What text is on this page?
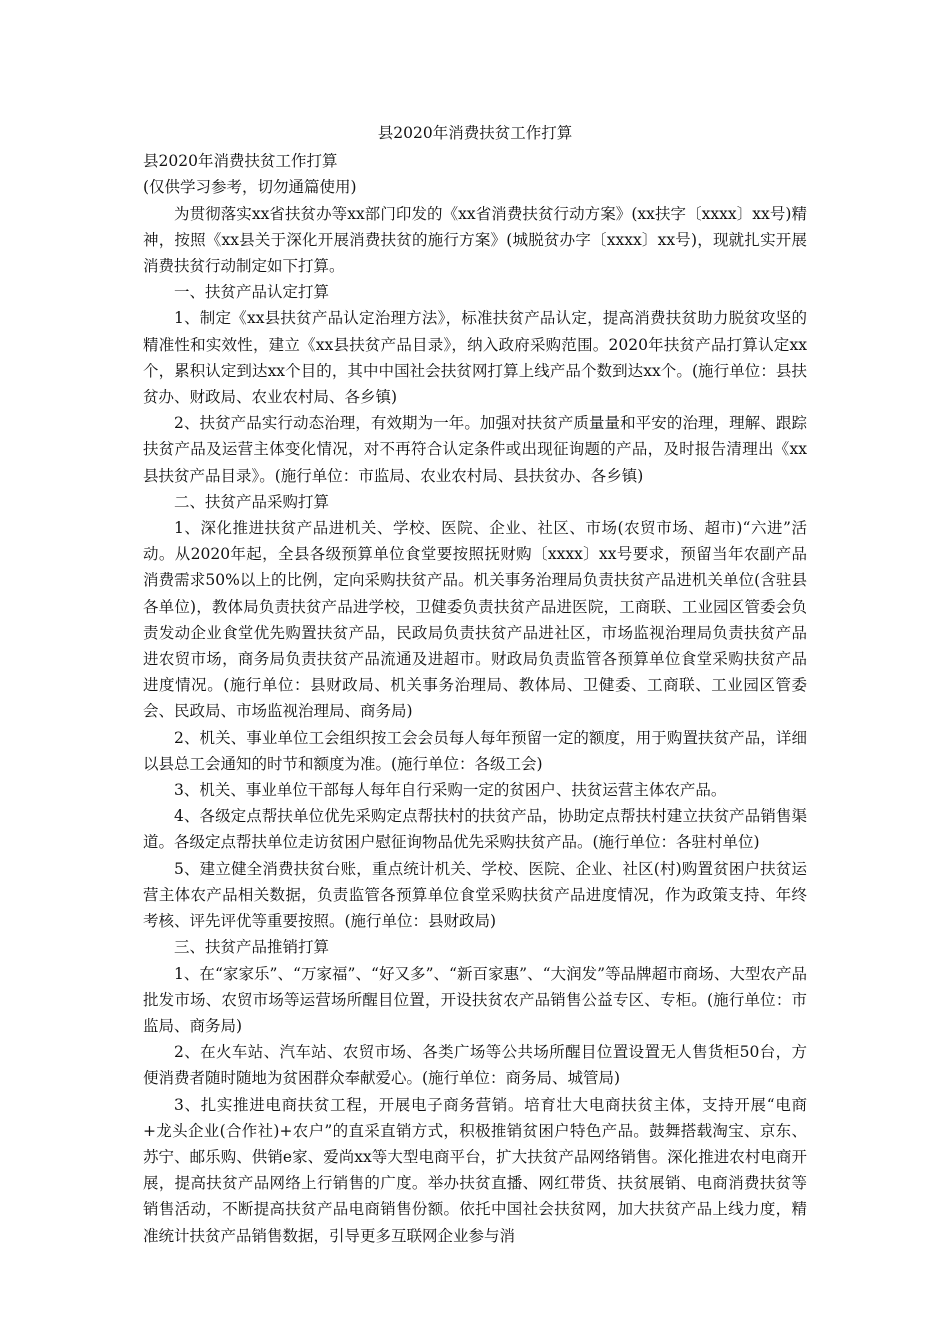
县2020年消费扶贫工作打算
县2020年消费扶贫工作打算
(仅供学习参考，切勿通篇使用)

为贯彻落实xx省扶贫办等xx部门印发的《xx省消费扶贫行动方案》(xx扶字〔xxxx〕xx号)精神，按照《xx县关于深化开展消费扶贫的施行方案》(城脱贫办字〔xxxx〕xx号)，现就扎实开展消费扶贫行动制定如下打算。

一、扶贫产品认定打算

1、制定《xx县扶贫产品认定治理方法》，标准扶贫产品认定，提高消费扶贫助力脱贫攻坚的精准性和实效性，建立《xx县扶贫产品目录》，纳入政府采购范围。2020年扶贫产品打算认定xx个，累积认定到达xx个目的，其中中国社会扶贫网打算上线产品个数到达xx个。(施行单位：县扶贫办、财政局、农业农村局、各乡镇)

2、扶贫产品实行动态治理，有效期为一年。加强对扶贫产质量量和平安的治理，理解、跟踪扶贫产品及运营主体变化情况，对不再符合认定条件或出现征询题的产品，及时报告清理出《xx县扶贫产品目录》。(施行单位：市监局、农业农村局、县扶贫办、各乡镇)

二、扶贫产品采购打算

1、深化推进扶贫产品进机关、学校、医院、企业、社区、市场(农贸市场、超市)“六进”活动。从2020年起，全县各级预算单位食堂要按照抚财购〔xxxx〕xx号要求，预留当年农副产品消费需求50%以上的比例，定向采购扶贫产品。机关事务治理局负责扶贫产品进机关单位(含驻县各单位)，教体局负责扶贫产品进学校，卫健委负责扶贫产品进医院，工商联、工业园区管委会负责发动企业食堂优先购置扶贫产品，民政局负责扶贫产品进社区，市场监视治理局负责扶贫产品进农贸市场，商务局负责扶贫产品流通及进超市。财政局负责监管各预算单位食堂采购扶贫产品进度情况。(施行单位：县财政局、机关事务治理局、教体局、卫健委、工商联、工业园区管委会、民政局、市场监视治理局、商务局)

2、机关、事业单位工会组织按工会会员每人每年预留一定的额度，用于购置扶贫产品，详细以县总工会通知的时节和额度为准。(施行单位：各级工会)

3、机关、事业单位干部每人每年自行采购一定的贫困户、扶贫运营主体农产品。

4、各级定点帮扶单位优先采购定点帮扶村的扶贫产品，协助定点帮扶村建立扶贫产品销售渠道。各级定点帮扶单位走访贫困户慰征询物品优先采购扶贫产品。(施行单位：各驻村单位)

5、建立健全消费扶贫台账，重点统计机关、学校、医院、企业、社区(村)购置贫困户扶贫运营主体农产品相关数据，负责监管各预算单位食堂采购扶贫产品进度情况，作为政策支持、年终考核、评先评优等重要按照。(施行单位：县财政局)

三、扶贫产品推销打算

1、在“家家乐”、“万家福”、“好又多”、“新百家惠”、“大润发”等品牌超市商场、大型农产品批发市场、农贸市场等运营场所醒目位置，开设扶贫农产品销售公益专区、专柜。(施行单位：市监局、商务局)

2、在火车站、汽车站、农贸市场、各类广场等公共场所醒目位置设置无人售货柜50台，方便消费者随时随地为贫困群众奉献爱心。(施行单位：商务局、城管局)

3、扎实推进电商扶贫工程，开展电子商务营销。培育壮大电商扶贫主体，支持开展“电商+龙头企业(合作社)+农户”的直采直销方式，积极推销贫困户特色产品。鼓舞搭载淘宝、京东、苏宁、邮乐购、供销e家、爱尚xx等大型电商平台，扩大扶贫产品网络销售。深化推进农村电商开展，提高扶贫产品网络上行销售的广度。举办扶贫直播、网红带货、扶贫展销、电商消费扶贫等销售活动，不断提高扶贫产品电商销售份额。依托中国社会扶贫网，加大扶贫产品上线力度，精准统计扶贫产品销售数据，引导更多互联网企业参与消
